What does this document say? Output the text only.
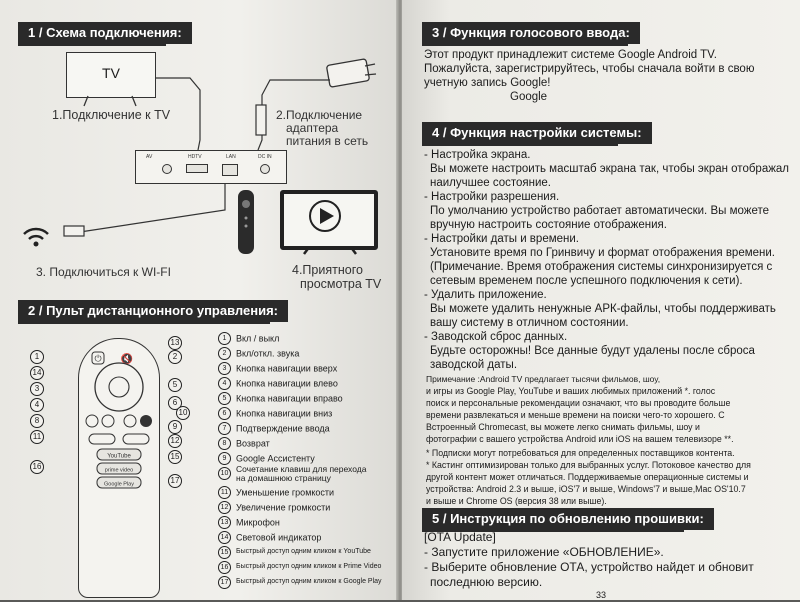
1 / Схема подключения:
TV
1.Подключение к TV	2.Подключение
адаптера
питания в сеть
AV	HDTV	LAN	DC IN
3. Подключиться к WI-FI	4.Приятного
просмотра TV
2 / Пульт дистанционного управления:
⏻ 🔇
YouTube
prime video
Google Play
1
14
3
4
8
11
16
13
2
5
6
10
9
12
15
17
1 Вкл / выкл
2 Вкл/откл. звука
3 Кнопка навигации вверх
4 Кнопка навигации влево
5 Кнопка навигации вправо
6 Кнопка навигации вниз
7 Подтверждение ввода
8 Возврат
9 Google Ассистенту
10 Сочетание клавиш для перехода на домашнюю страницу
11 Уменьшение громкости
12 Увеличение громкости
13 Микрофон
14 Световой индикатор
15 Быстрый доступ одним кликом к YouTube
16 Быстрый доступ одним кликом к Prime Video
17 Быстрый доступ одним кликом к Google Play
3 / Функция голосового ввода:
Этот продукт принадлежит системе Google Android TV.
Пожалуйста, зарегистрируйтесь, чтобы сначала войти в свою
учетную запись Google!
Google
4 / Функция настройки системы:
- Настройка экрана.
Вы можете настроить масштаб экрана так, чтобы экран отображал
наилучшее состояние.
- Настройки разрешения.
По умолчанию устройство работает автоматически. Вы можете
вручную настроить состояние отображения.
- Настройки даты и времени.
Установите время по Гринвичу и формат отображения времени.
(Примечание. Время отображения системы синхронизируется с
сетевым временем после успешного подключения к сети).
- Удалить приложение.
Вы можете удалить ненужные АРК-файлы, чтобы поддерживать
вашу систему в отличном состоянии.
- Заводской сброс данных.
Будьте осторожны! Все данные будут удалены после сброса
заводской даты.
Примечание :Android TV предлагает тысячи фильмов, шоу,
и игры из Google Play, YouTube и ваших любимых приложений *. голос
поиск и персональные рекомендации означают, что вы проводите больше
времени развлекаться и меньше времени на поиски чего-то хорошего. С
Встроенный Chromecast, вы можете легко снимать фильмы, шоу и
фотографии с вашего устройства Android или iOS на вашем телевизоре **.
* Подписки могут потребоваться для определенных поставщиков контента.
* Кастинг оптимизирован только для выбранных услуг. Потоковое качество для
другой контент может отличаться. Поддерживаемые операционные системы и
устройства: Android 2.3 и выше, iOS'7 и выше, Windows'7 и выше,Mac OS'10.7
и выше и Chrome OS (версия 38 или выше).
5 / Инструкция по обновлению прошивки:
[OTA Update]
- Запустите приложение «ОБНОВЛЕНИЕ».
- Выберите обновление ОТА, устройство найдет и обновит
последнюю версию.
33
